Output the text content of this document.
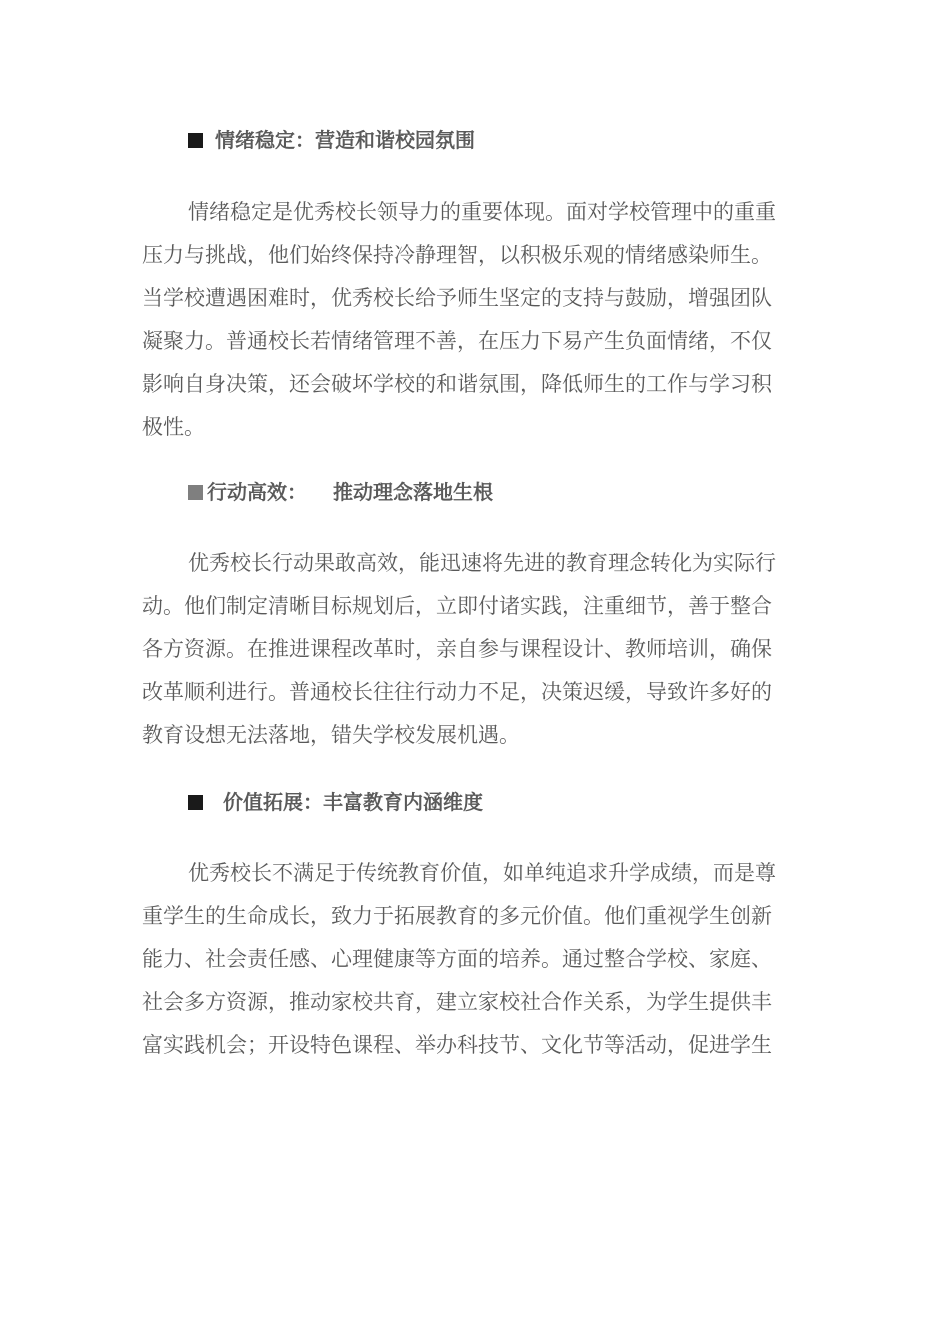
情绪稳定：营造和谐校园氛围
情绪稳定是优秀校长领导力的重要体现。面对学校管理中的重重
压力与挑战，他们始终保持冷静理智，以积极乐观的情绪感染师生。
当学校遭遇困难时，优秀校长给予师生坚定的支持与鼓励，增强团队
凝聚力。普通校长若情绪管理不善，在压力下易产生负面情绪，不仅
影响自身决策，还会破坏学校的和谐氛围，降低师生的工作与学习积
极性。
行动高效： 推动理念落地生根
优秀校长行动果敢高效，能迅速将先进的教育理念转化为实际行
动。他们制定清晰目标规划后，立即付诸实践，注重细节，善于整合
各方资源。在推进课程改革时，亲自参与课程设计、教师培训，确保
改革顺利进行。普通校长往往行动力不足，决策迟缓，导致许多好的
教育设想无法落地，错失学校发展机遇。
价值拓展：丰富教育内涵维度
优秀校长不满足于传统教育价值，如单纯追求升学成绩，而是尊
重学生的生命成长，致力于拓展教育的多元价值。他们重视学生创新
能力、社会责任感、心理健康等方面的培养。通过整合学校、家庭、
社会多方资源，推动家校共育，建立家校社合作关系，为学生提供丰
富实践机会；开设特色课程、举办科技节、文化节等活动，促进学生
